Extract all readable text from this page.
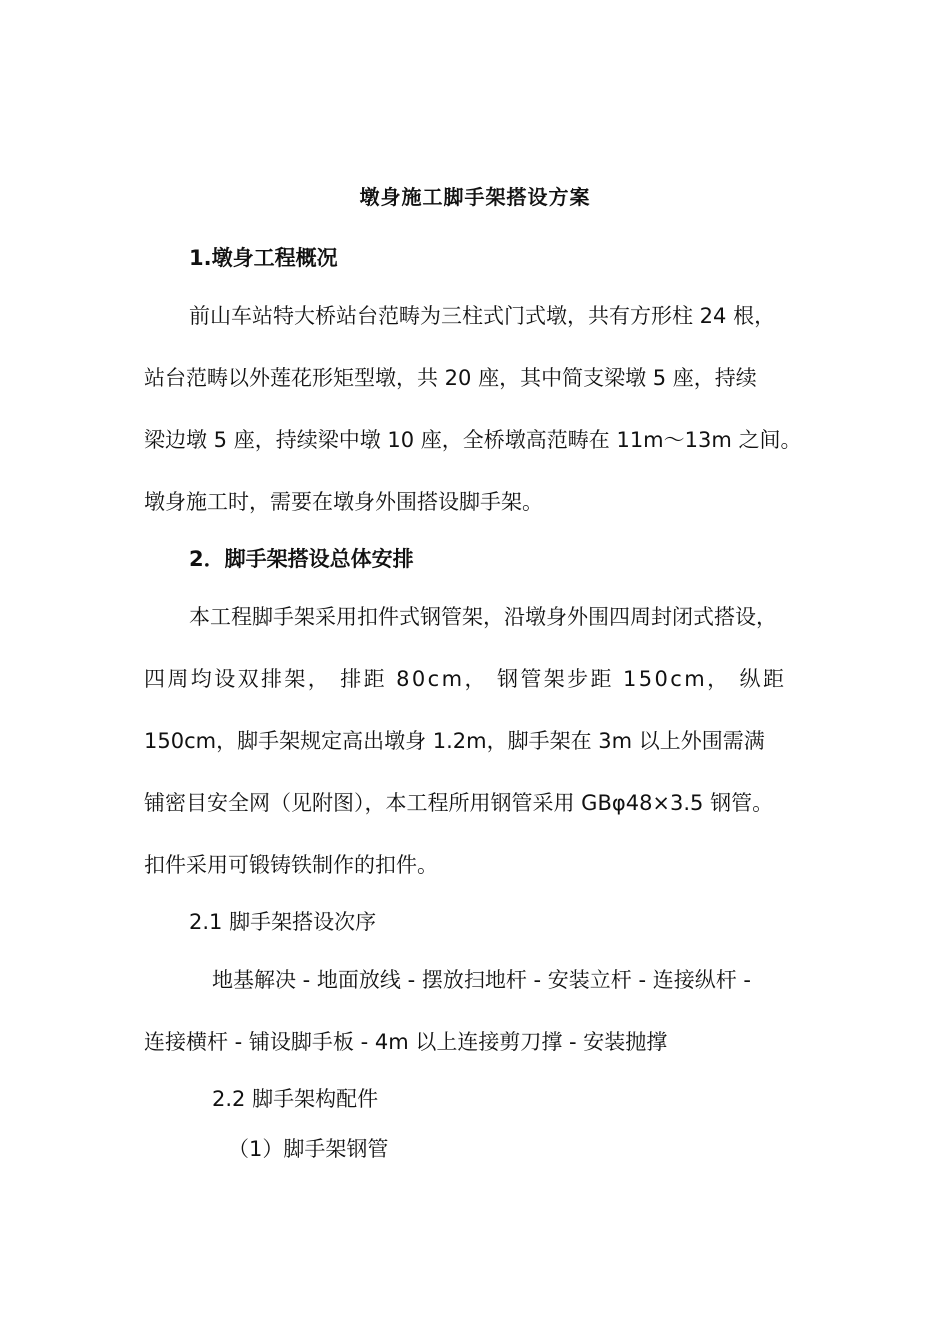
墩身施工脚手架搭设方案
1.墩身工程概况
前山车站特大桥站台范畴为三柱式门式墩，共有方形柱 24 根，
站台范畴以外莲花形矩型墩，共 20 座，其中简支梁墩 5 座，持续
梁边墩 5 座，持续梁中墩 10 座，全桥墩高范畴在 11m～13m 之间。
墩身施工时，需要在墩身外围搭设脚手架。
2．脚手架搭设总体安排
本工程脚手架采用扣件式钢管架，沿墩身外围四周封闭式搭设，
四周均设双排架， 排距 80cm， 钢管架步距 150cm， 纵距
150cm，脚手架规定高出墩身 1.2m，脚手架在 3m 以上外围需满
铺密目安全网（见附图），本工程所用钢管采用 GBφ48×3.5 钢管。
扣件采用可锻铸铁制作的扣件。
2.1 脚手架搭设次序
地基解决 - 地面放线 - 摆放扫地杆 - 安装立杆 - 连接纵杆 -
连接横杆 - 铺设脚手板 - 4m 以上连接剪刀撑 - 安装抛撑
2.2 脚手架构配件
（1）脚手架钢管
